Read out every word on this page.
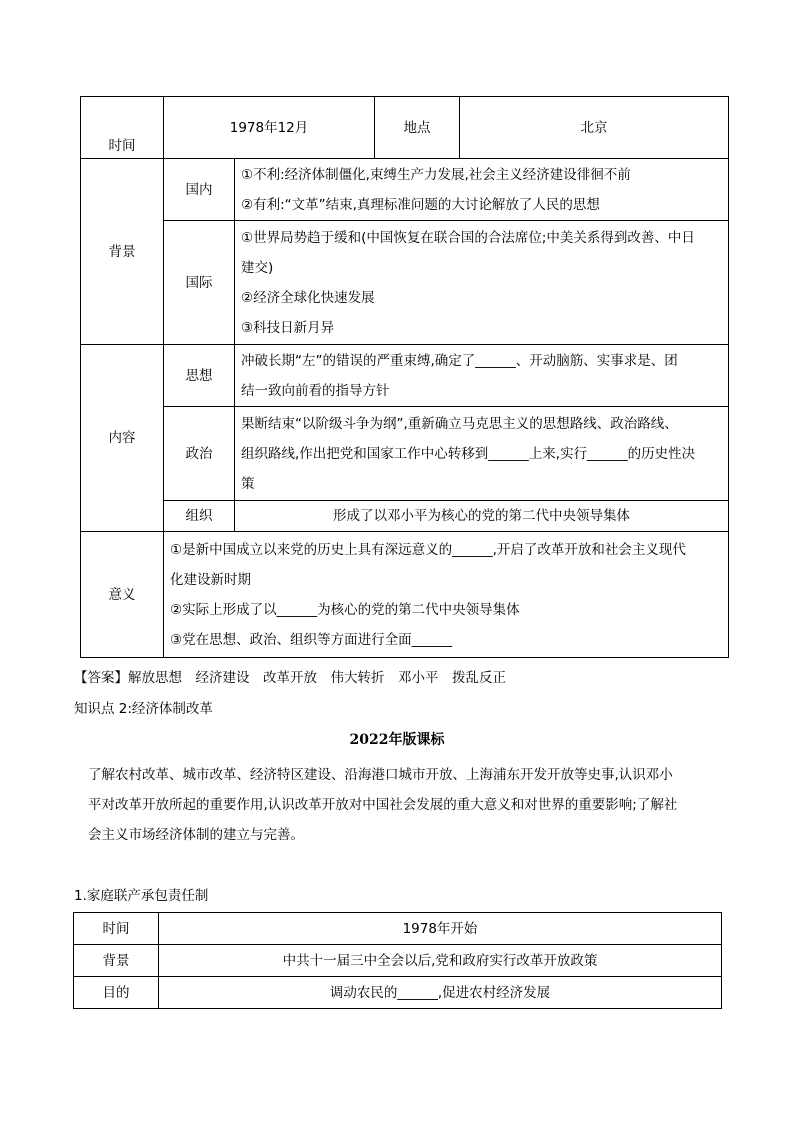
时间	1978年12月		地点	北京
背景	国内	①不利:经济体制僵化,束缚生产力发展,社会主义经济建设徘徊不前
②有利:“文革”结束,真理标准问题的大讨论解放了人民的思想		

	国际	①世界局势趋于缓和(中国恢复在联合国的合法席位;中美关系得到改善、中日
建交)
②经济全球化快速发展
③科技日新月异		

内容	思想	冲破长期“左”的错误的严重束缚,确定了______、开动脑筋、实事求是、团
结一致向前看的指导方针		

	政治	果断结束“以阶级斗争为纲”,重新确立马克思主义的思想路线、政治路线、
组织路线,作出把党和国家工作中心转移到______上来,实行______的历史性决
策		

	组织	形成了以邓小平为核心的党的第二代中央领导集体		
意义	①是新中国成立以来党的历史上具有深远意义的______,开启了改革开放和社会主义现代
化建设新时期
②实际上形成了以______为核心的党的第二代中央领导集体
③党在思想、政治、组织等方面进行全面______			
【答案】解放思想　经济建设　改革开放　伟大转折　邓小平　拨乱反正
知识点 2:经济体制改革
2022年版课标
了解农村改革、城市改革、经济特区建设、沿海港口城市开放、上海浦东开发开放等史事,认识邓小
平对改革开放所起的重要作用,认识改革开放对中国社会发展的重大意义和对世界的重要影响;了解社
会主义市场经济体制的建立与完善。
1.家庭联产承包责任制
时间	1978年开始
背景	中共十一届三中全会以后,党和政府实行改革开放政策
目的	调动农民的______,促进农村经济发展
